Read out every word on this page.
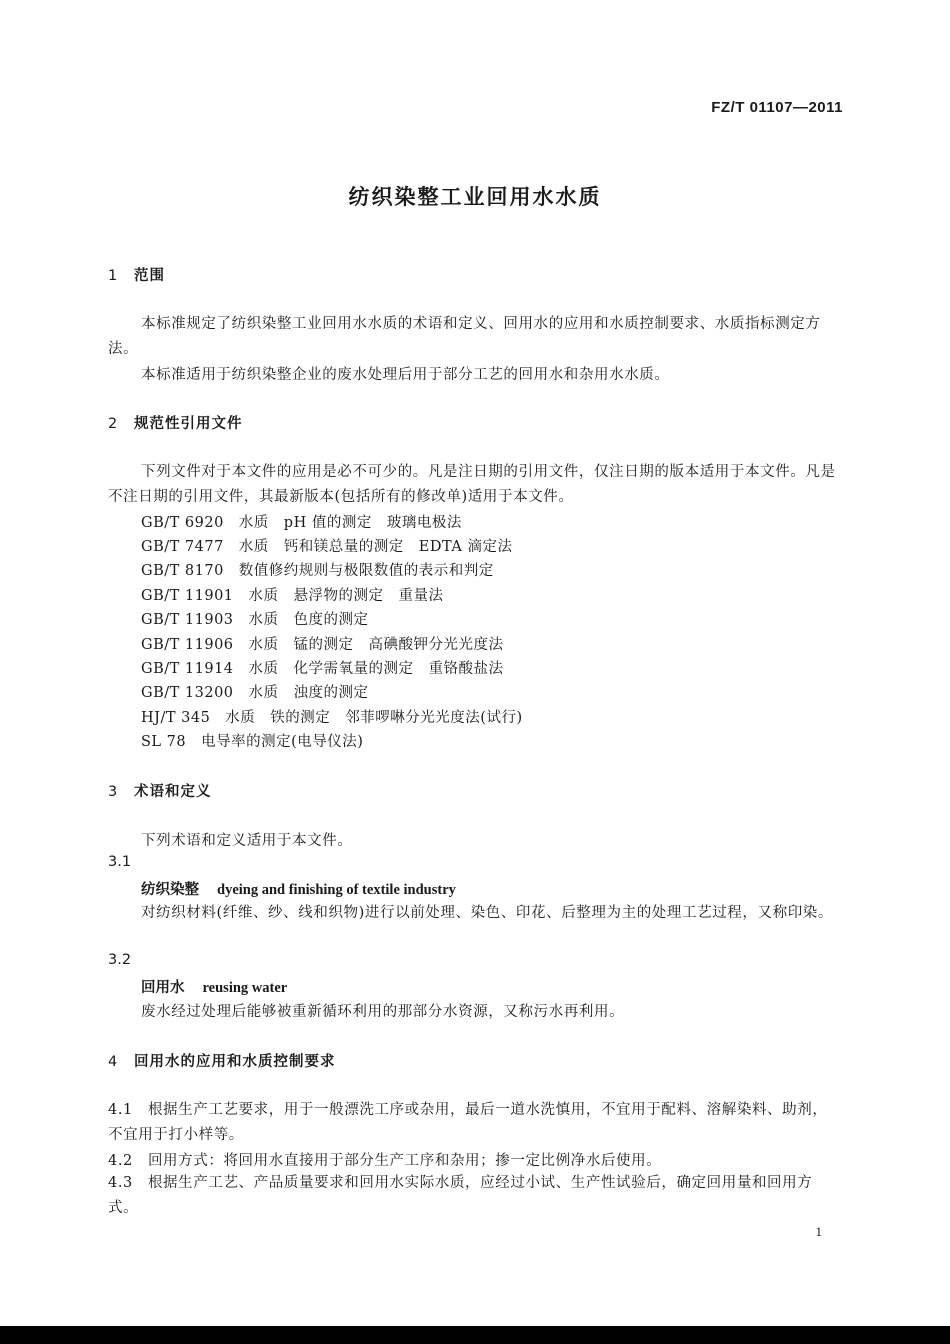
FZ/T 01107—2011
纺织染整工业回用水水质
1 范围
本标准规定了纺织染整工业回用水水质的术语和定义、回用水的应用和水质控制要求、水质指标测定方法。
本标准适用于纺织染整企业的废水处理后用于部分工艺的回用水和杂用水水质。
2 规范性引用文件
下列文件对于本文件的应用是必不可少的。凡是注日期的引用文件，仅注日期的版本适用于本文件。凡是不注日期的引用文件，其最新版本(包括所有的修改单)适用于本文件。
GB/T 6920　水质　pH 值的测定　玻璃电极法
GB/T 7477　水质　钙和镁总量的测定　EDTA 滴定法
GB/T 8170　数值修约规则与极限数值的表示和判定
GB/T 11901　水质　悬浮物的测定　重量法
GB/T 11903　水质　色度的测定
GB/T 11906　水质　锰的测定　高碘酸钾分光光度法
GB/T 11914　水质　化学需氧量的测定　重铬酸盐法
GB/T 13200　水质　浊度的测定
HJ/T 345　水质　铁的测定　邻菲啰啉分光光度法(试行)
SL 78　电导率的测定(电导仪法)
3 术语和定义
下列术语和定义适用于本文件。
3.1
纺织染整 dyeing and finishing of textile industry
对纺织材料(纤维、纱、线和织物)进行以前处理、染色、印花、后整理为主的处理工艺过程，又称印染。
3.2
回用水 reusing water
废水经过处理后能够被重新循环利用的那部分水资源，又称污水再利用。
4 回用水的应用和水质控制要求
4.1　根据生产工艺要求，用于一般漂洗工序或杂用，最后一道水洗慎用，不宜用于配料、溶解染料、助剂，不宜用于打小样等。
4.2　回用方式：将回用水直接用于部分生产工序和杂用；掺一定比例净水后使用。
4.3　根据生产工艺、产品质量要求和回用水实际水质，应经过小试、生产性试验后，确定回用量和回用方式。
1
